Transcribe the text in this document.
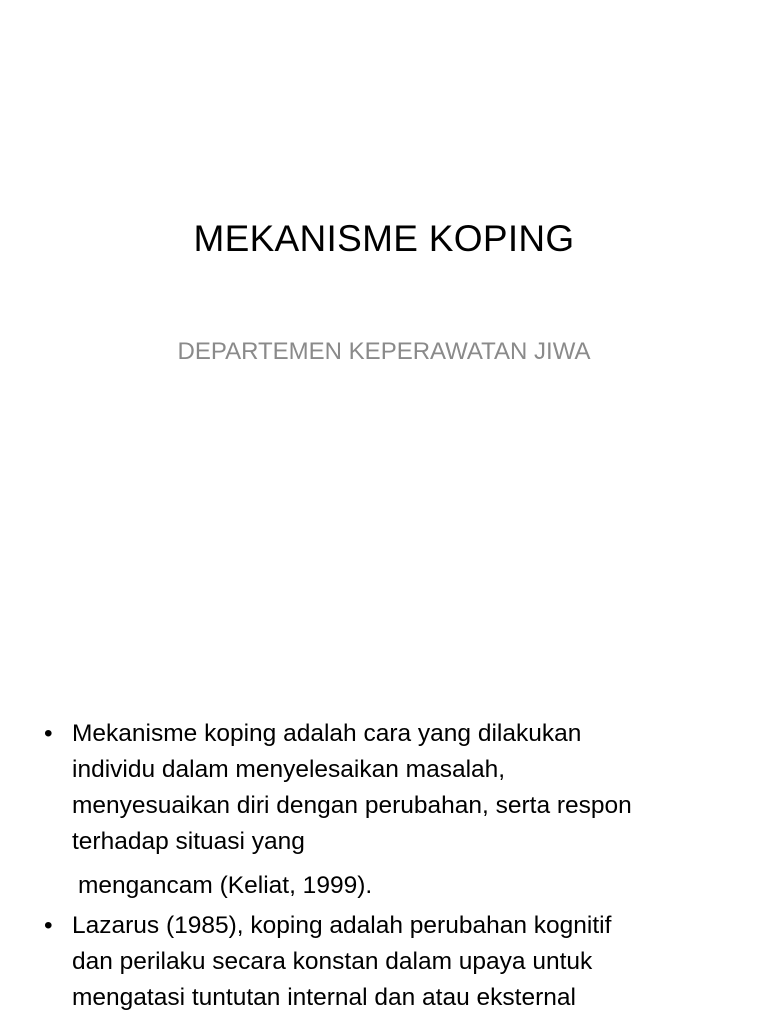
MEKANISME KOPING
DEPARTEMEN KEPERAWATAN JIWA
• Mekanisme koping adalah cara yang dilakukan
individu dalam menyelesaikan masalah,
menyesuaikan diri dengan perubahan, serta respon
terhadap situasi yang
mengancam (Keliat, 1999).
• Lazarus (1985), koping adalah perubahan kognitif
dan perilaku secara konstan dalam upaya untuk
mengatasi tuntutan internal dan atau eksternal
